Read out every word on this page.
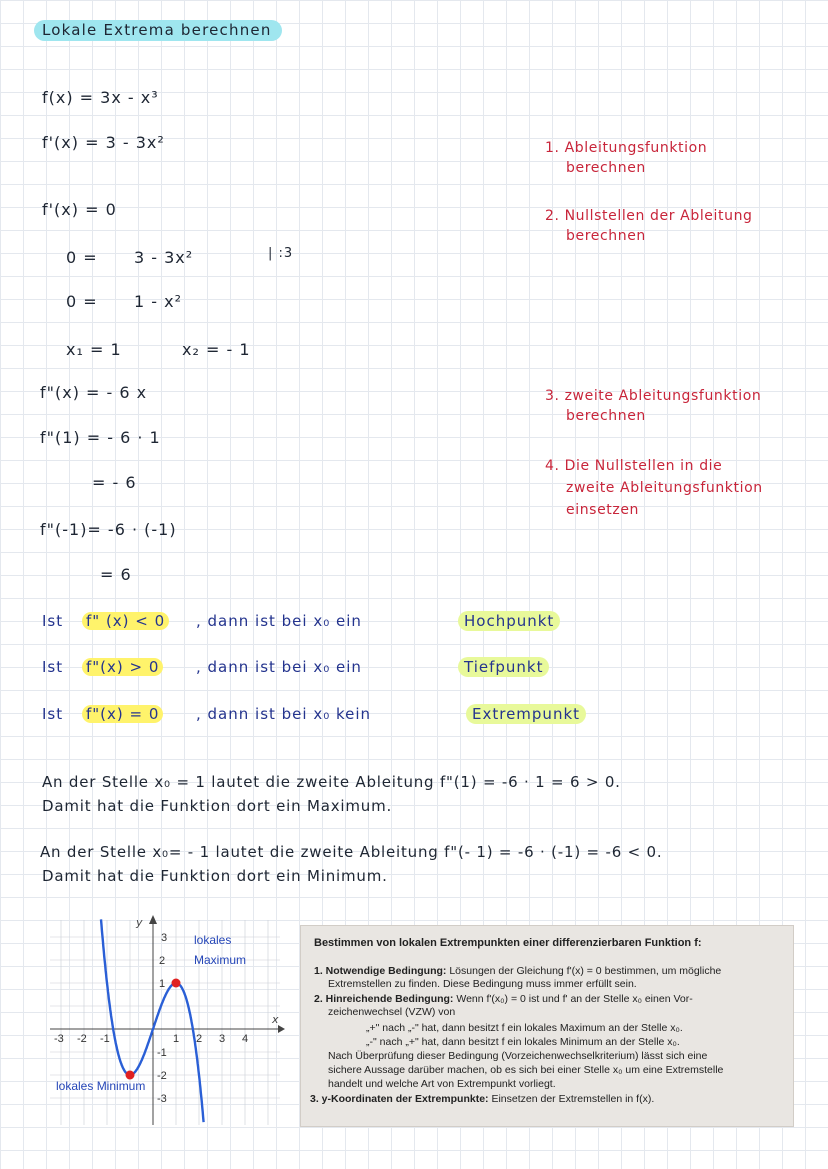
Lokale Extrema berechnen
f(x) = 3x - x³
f'(x) = 3 - 3x²
f'(x) = 0
0 = 3 - 3x²	| :3
0 = 1 - x²
x₁ = 1	x₂ = - 1
f"(x) = - 6 x
f"(1) = - 6 · 1
= - 6
f"(-1)= -6 · (-1)
= 6
1. Ableitungsfunktion
berechnen
2. Nullstellen der Ableitung
berechnen
3. zweite Ableitungsfunktion
berechnen
4. Die Nullstellen in die
zweite Ableitungsfunktion
einsetzen
Ist f" (x) < 0 , dann ist bei x₀ ein	Hochpunkt
Ist f"(x) > 0 , dann ist bei x₀ ein	Tiefpunkt
Ist f"(x) = 0 , dann ist bei x₀ kein	Extrempunkt
An der Stelle x₀ = 1 lautet die zweite Ableitung f"(1) = -6 · 1 = 6 > 0.
Damit hat die Funktion dort ein Maximum.
An der Stelle x₀= - 1 lautet die zweite Ableitung f"(- 1) = -6 · (-1) = -6 < 0.
Damit hat die Funktion dort ein Minimum.
y
x
3
2
1
-1
-2
-3
-3 -2 -1	1 2 3 4
lokales
Maximum
lokales Minimum
Bestimmen von lokalen Extrempunkten einer differenzierbaren Funktion f:
1. Notwendige Bedingung: Lösungen der Gleichung f'(x) = 0 bestimmen, um mögliche
Extremstellen zu finden. Diese Bedingung muss immer erfüllt sein.
2. Hinreichende Bedingung: Wenn f'(x₀) = 0 ist und f' an der Stelle x₀ einen Vor-
zeichenwechsel (VZW) von
„+" nach „-" hat, dann besitzt f ein lokales Maximum an der Stelle x₀.
„-" nach „+" hat, dann besitzt f ein lokales Minimum an der Stelle x₀.
Nach Überprüfung dieser Bedingung (Vorzeichenwechselkriterium) lässt sich eine
sichere Aussage darüber machen, ob es sich bei einer Stelle x₀ um eine Extremstelle
handelt und welche Art von Extrempunkt vorliegt.
3. y-Koordinaten der Extrempunkte: Einsetzen der Extremstellen in f(x).
